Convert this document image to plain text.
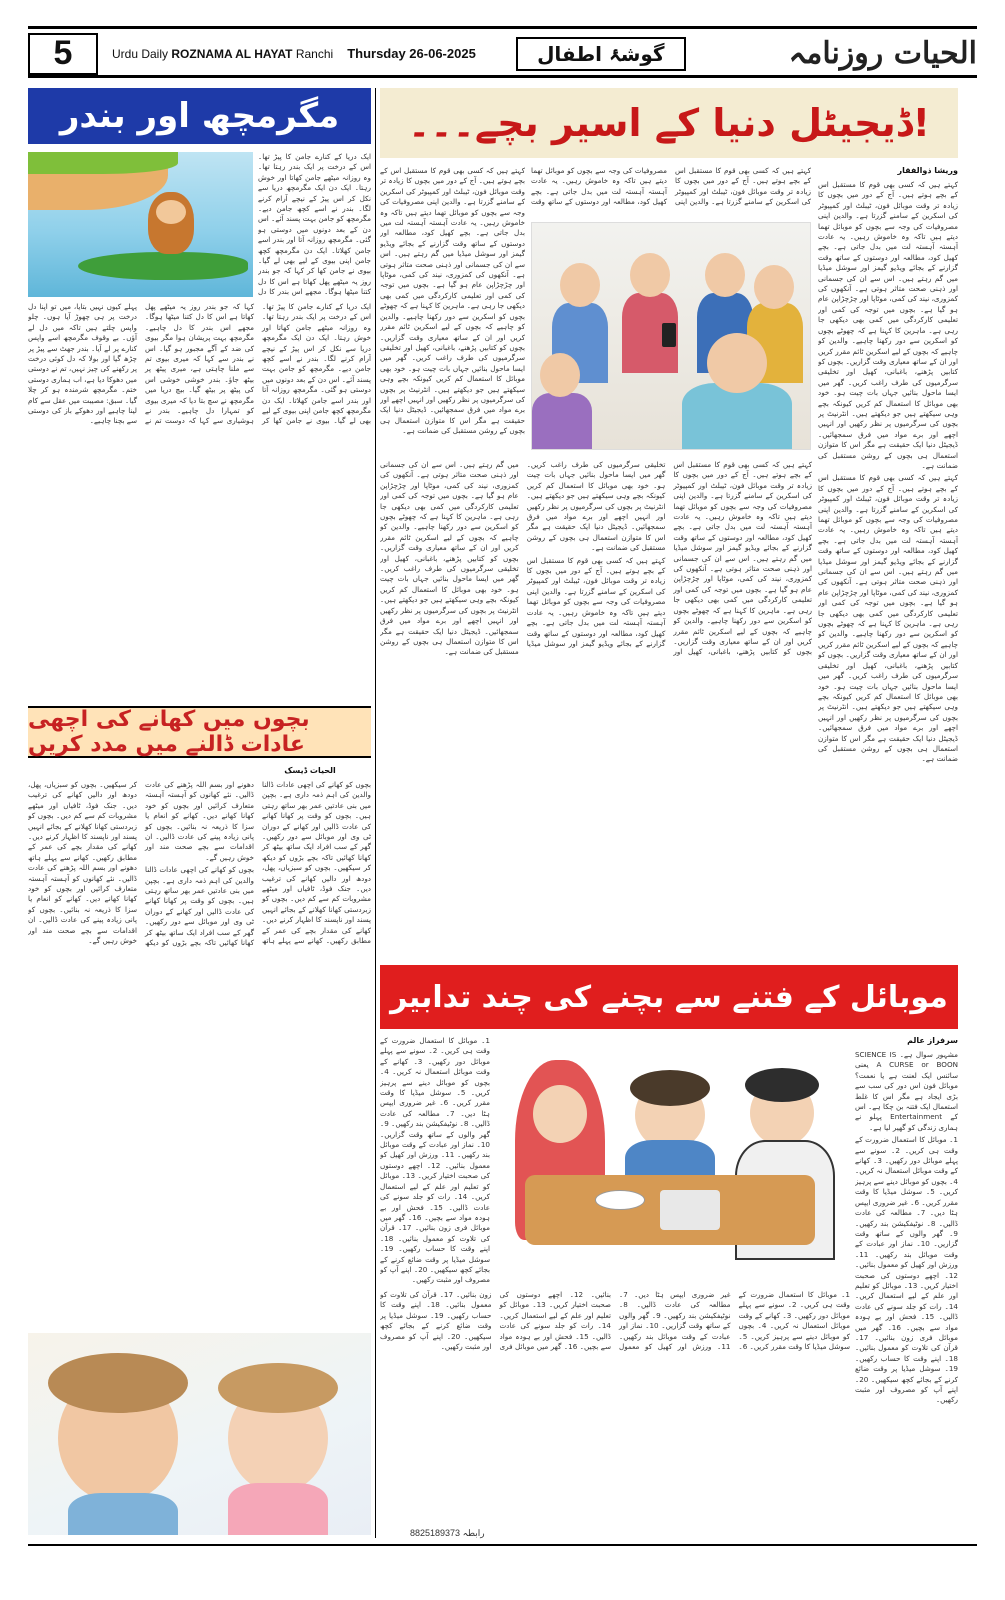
5	Urdu Daily ROZNAMA AL HAYAT Ranchi Thursday 26-06-2025	گوشۂ اطفال	الحیات روزنامہ
مگرمچھ اور بندر

ایک دریا کے کنارے جامن کا پیڑ تھا۔ اس کے درخت پر ایک بندر رہتا تھا۔ وہ روزانہ میٹھے جامن کھاتا اور خوش رہتا۔ ایک دن ایک مگرمچھ دریا سے نکل کر اس پیڑ کے نیچے آرام کرنے لگا۔ بندر نے اسے کچھ جامن دیے۔ مگرمچھ کو جامن بہت پسند آئے۔ اس دن کے بعد دونوں میں دوستی ہو گئی۔ مگرمچھ روزانہ آتا اور بندر اسے جامن کھلاتا۔ ایک دن مگرمچھ کچھ جامن اپنی بیوی کے لیے بھی لے گیا۔ بیوی نے جامن کھا کر کہا کہ جو بندر روز یہ میٹھے پھل کھاتا ہے اس کا دل کتنا میٹھا ہوگا۔ مجھے اس بندر کا دل

ایک دریا کے کنارے جامن کا پیڑ تھا۔ اس کے درخت پر ایک بندر رہتا تھا۔ وہ روزانہ میٹھے جامن کھاتا اور خوش رہتا۔ ایک دن ایک مگرمچھ دریا سے نکل کر اس پیڑ کے نیچے آرام کرنے لگا۔ بندر نے اسے کچھ جامن دیے۔ مگرمچھ کو جامن بہت پسند آئے۔ اس دن کے بعد دونوں میں دوستی ہو گئی۔ مگرمچھ روزانہ آتا اور بندر اسے جامن کھلاتا۔ ایک دن مگرمچھ کچھ جامن اپنی بیوی کے لیے بھی لے گیا۔ بیوی نے جامن کھا کر کہا کہ جو بندر روز یہ میٹھے پھل کھاتا ہے اس کا دل کتنا میٹھا ہوگا۔ مجھے اس بندر کا دل چاہیے۔ مگرمچھ بہت پریشان ہوا مگر بیوی کی ضد کے آگے مجبور ہو گیا۔ اس نے بندر سے کہا کہ میری بیوی تم سے ملنا چاہتی ہے، میری پیٹھ پر بیٹھ جاؤ۔ بندر خوشی خوشی اس کی پیٹھ پر بیٹھ گیا۔ بیچ دریا میں مگرمچھ نے سچ بتا دیا کہ میری بیوی کو تمہارا دل چاہیے۔ بندر نے ہوشیاری سے کہا کہ دوست تم نے پہلے کیوں نہیں بتایا، میں تو اپنا دل درخت پر ہی چھوڑ آیا ہوں۔ چلو واپس چلتے ہیں تاکہ میں دل لے آؤں۔ بے وقوف مگرمچھ اسے واپس کنارے پر لے آیا۔ بندر جھٹ سے پیڑ پر چڑھ گیا اور بولا کہ دل کوئی درخت پر رکھنے کی چیز نہیں، تم نے دوستی میں دھوکا دیا ہے، اب ہماری دوستی ختم۔ مگرمچھ شرمندہ ہو کر چلا گیا۔ سبق: مصیبت میں عقل سے کام لینا چاہیے اور دھوکے باز کی دوستی سے بچنا چاہیے۔

بچوں میں کھانے کی اچھی عادات ڈالنے میں مدد کریں
الحیات ڈیسک

بچوں کو کھانے کی اچھی عادات ڈالنا والدین کی اہم ذمہ داری ہے۔ بچپن میں بنی عادتیں عمر بھر ساتھ رہتی ہیں۔ بچوں کو وقت پر کھانا کھانے کی عادت ڈالیں اور کھانے کے دوران ٹی وی اور موبائل سے دور رکھیں۔ گھر کے سب افراد ایک ساتھ بیٹھ کر کھانا کھائیں تاکہ بچے بڑوں کو دیکھ کر سیکھیں۔ بچوں کو سبزیاں، پھل، دودھ اور دالیں کھانے کی ترغیب دیں۔ جنک فوڈ، ٹافیاں اور میٹھے مشروبات کم سے کم دیں۔ بچوں کو زبردستی کھانا کھلانے کے بجائے انہیں پسند اور ناپسند کا اظہار کرنے دیں۔ کھانے کی مقدار بچے کی عمر کے مطابق رکھیں۔ کھانے سے پہلے ہاتھ دھونے اور بسم اللہ پڑھنے کی عادت ڈالیں۔ نئے کھانوں کو آہستہ آہستہ متعارف کرائیں اور بچوں کو خود کھانا کھانے دیں۔ کھانے کو انعام یا سزا کا ذریعہ نہ بنائیں۔ بچوں کو پانی زیادہ پینے کی عادت ڈالیں۔ ان اقدامات سے بچے صحت مند اور خوش رہیں گے۔

بچوں کو کھانے کی اچھی عادات ڈالنا والدین کی اہم ذمہ داری ہے۔ بچپن میں بنی عادتیں عمر بھر ساتھ رہتی ہیں۔ بچوں کو وقت پر کھانا کھانے کی عادت ڈالیں اور کھانے کے دوران ٹی وی اور موبائل سے دور رکھیں۔ گھر کے سب افراد ایک ساتھ بیٹھ کر کھانا کھائیں تاکہ بچے بڑوں کو دیکھ کر سیکھیں۔ بچوں کو سبزیاں، پھل، دودھ اور دالیں کھانے کی ترغیب دیں۔ جنک فوڈ، ٹافیاں اور میٹھے مشروبات کم سے کم دیں۔ بچوں کو زبردستی کھانا کھلانے کے بجائے انہیں پسند اور ناپسند کا اظہار کرنے دیں۔ کھانے کی مقدار بچے کی عمر کے مطابق رکھیں۔ کھانے سے پہلے ہاتھ دھونے اور بسم اللہ پڑھنے کی عادت ڈالیں۔ نئے کھانوں کو آہستہ آہستہ متعارف کرائیں اور بچوں کو خود کھانا کھانے دیں۔ کھانے کو انعام یا سزا کا ذریعہ نہ بنائیں۔ بچوں کو پانی زیادہ پینے کی عادت ڈالیں۔ ان اقدامات سے بچے صحت مند اور خوش رہیں گے۔

ڈیجیٹل دنیا کے اسیر بچے۔۔۔!
وریشا ذوالفقار

کہتے ہیں کہ کسی بھی قوم کا مستقبل اس کے بچے ہوتے ہیں۔ آج کے دور میں بچوں کا زیادہ تر وقت موبائل فون، ٹیبلٹ اور کمپیوٹر کی اسکرین کے سامنے گزرتا ہے۔ والدین اپنی مصروفیات کی وجہ سے بچوں کو موبائل تھما دیتے ہیں تاکہ وہ خاموش رہیں۔ یہ عادت آہستہ آہستہ لت میں بدل جاتی ہے۔ بچے کھیل کود، مطالعہ اور دوستوں کے ساتھ وقت گزارنے کے بجائے ویڈیو گیمز اور سوشل میڈیا میں گم رہتے ہیں۔ اس سے ان کی جسمانی اور ذہنی صحت متاثر ہوتی ہے۔ آنکھوں کی کمزوری، نیند کی کمی، موٹاپا اور چڑچڑاپن عام ہو گیا ہے۔ بچوں میں توجہ کی کمی اور تعلیمی کارکردگی میں کمی بھی دیکھی جا رہی ہے۔ ماہرین کا کہنا ہے کہ چھوٹے بچوں کو اسکرین سے دور رکھنا چاہیے۔ والدین کو چاہیے کہ بچوں کے لیے اسکرین ٹائم مقرر کریں اور ان کے ساتھ معیاری وقت گزاریں۔ بچوں کو کتابیں پڑھنے، باغبانی، کھیل اور تخلیقی سرگرمیوں کی طرف راغب کریں۔ گھر میں ایسا ماحول بنائیں جہاں بات چیت ہو۔ خود بھی موبائل کا استعمال کم کریں کیونکہ بچے وہی سیکھتے ہیں جو دیکھتے ہیں۔ انٹرنیٹ پر بچوں کی سرگرمیوں پر نظر رکھیں اور انہیں اچھے اور برے مواد میں فرق سمجھائیں۔ ڈیجیٹل دنیا ایک حقیقت ہے مگر اس کا متوازن استعمال ہی بچوں کے روشن مستقبل کی ضمانت ہے۔

کہتے ہیں کہ کسی بھی قوم کا مستقبل اس کے بچے ہوتے ہیں۔ آج کے دور میں بچوں کا زیادہ تر وقت موبائل فون، ٹیبلٹ اور کمپیوٹر کی اسکرین کے سامنے گزرتا ہے۔ والدین اپنی مصروفیات کی وجہ سے بچوں کو موبائل تھما دیتے ہیں تاکہ وہ خاموش رہیں۔ یہ عادت آہستہ آہستہ لت میں بدل جاتی ہے۔ بچے کھیل کود، مطالعہ اور دوستوں کے ساتھ وقت گزارنے کے بجائے ویڈیو گیمز اور سوشل میڈیا میں گم رہتے ہیں۔ اس سے ان کی جسمانی اور ذہنی صحت متاثر ہوتی ہے۔ آنکھوں کی کمزوری، نیند کی کمی، موٹاپا اور چڑچڑاپن عام ہو گیا ہے۔ بچوں میں توجہ کی کمی اور تعلیمی کارکردگی میں کمی بھی دیکھی جا رہی ہے۔ ماہرین کا کہنا ہے کہ چھوٹے بچوں کو اسکرین سے دور رکھنا چاہیے۔ والدین کو چاہیے کہ بچوں کے لیے اسکرین ٹائم مقرر کریں اور ان کے ساتھ معیاری وقت گزاریں۔ بچوں کو کتابیں پڑھنے، باغبانی، کھیل اور تخلیقی سرگرمیوں کی طرف راغب کریں۔ گھر میں ایسا ماحول بنائیں جہاں بات چیت ہو۔ خود بھی موبائل کا استعمال کم کریں کیونکہ بچے وہی سیکھتے ہیں جو دیکھتے ہیں۔ انٹرنیٹ پر بچوں کی سرگرمیوں پر نظر رکھیں اور انہیں اچھے اور برے مواد میں فرق سمجھائیں۔ ڈیجیٹل دنیا ایک حقیقت ہے مگر اس کا متوازن استعمال ہی بچوں کے روشن مستقبل کی ضمانت ہے۔

کہتے ہیں کہ کسی بھی قوم کا مستقبل اس کے بچے ہوتے ہیں۔ آج کے دور میں بچوں کا زیادہ تر وقت موبائل فون، ٹیبلٹ اور کمپیوٹر کی اسکرین کے سامنے گزرتا ہے۔ والدین اپنی مصروفیات کی وجہ سے بچوں کو موبائل تھما دیتے ہیں تاکہ وہ خاموش رہیں۔ یہ عادت آہستہ آہستہ لت میں بدل جاتی ہے۔ بچے کھیل کود، مطالعہ اور دوستوں کے ساتھ وقت

کہتے ہیں کہ کسی بھی قوم کا مستقبل اس کے بچے ہوتے ہیں۔ آج کے دور میں بچوں کا زیادہ تر وقت موبائل فون، ٹیبلٹ اور کمپیوٹر کی اسکرین کے سامنے گزرتا ہے۔ والدین اپنی مصروفیات کی وجہ سے بچوں کو موبائل تھما دیتے ہیں تاکہ وہ خاموش رہیں۔ یہ عادت آہستہ آہستہ لت میں بدل جاتی ہے۔ بچے کھیل کود، مطالعہ اور دوستوں کے ساتھ وقت گزارنے کے بجائے ویڈیو گیمز اور سوشل میڈیا میں گم رہتے ہیں۔ اس سے ان کی جسمانی اور ذہنی صحت متاثر ہوتی ہے۔ آنکھوں کی کمزوری، نیند کی کمی، موٹاپا اور چڑچڑاپن عام ہو گیا ہے۔ بچوں میں توجہ کی کمی اور تعلیمی کارکردگی میں کمی بھی دیکھی جا رہی ہے۔ ماہرین کا کہنا ہے کہ چھوٹے بچوں کو اسکرین سے دور رکھنا چاہیے۔ والدین کو چاہیے کہ بچوں کے لیے اسکرین ٹائم مقرر کریں اور ان کے ساتھ معیاری وقت گزاریں۔ بچوں کو کتابیں پڑھنے، باغبانی، کھیل اور تخلیقی سرگرمیوں کی طرف راغب کریں۔ گھر میں ایسا ماحول بنائیں جہاں بات چیت ہو۔ خود بھی موبائل کا استعمال کم کریں کیونکہ بچے وہی سیکھتے ہیں جو دیکھتے ہیں۔ انٹرنیٹ پر بچوں کی سرگرمیوں پر نظر رکھیں اور انہیں اچھے اور برے مواد میں فرق سمجھائیں۔ ڈیجیٹل دنیا ایک حقیقت ہے مگر اس کا متوازن استعمال ہی بچوں کے روشن مستقبل کی ضمانت ہے۔

کہتے ہیں کہ کسی بھی قوم کا مستقبل اس کے بچے ہوتے ہیں۔ آج کے دور میں بچوں کا زیادہ تر وقت موبائل فون، ٹیبلٹ اور کمپیوٹر کی اسکرین کے سامنے گزرتا ہے۔ والدین اپنی مصروفیات کی وجہ سے بچوں کو موبائل تھما دیتے ہیں تاکہ وہ خاموش رہیں۔ یہ عادت آہستہ آہستہ لت میں بدل جاتی ہے۔ بچے کھیل کود، مطالعہ اور دوستوں کے ساتھ وقت گزارنے کے بجائے ویڈیو گیمز اور سوشل میڈیا میں گم رہتے ہیں۔ اس سے ان کی جسمانی اور ذہنی صحت متاثر ہوتی ہے۔ آنکھوں کی کمزوری، نیند کی کمی، موٹاپا اور چڑچڑاپن عام ہو گیا ہے۔ بچوں میں توجہ کی کمی اور تعلیمی کارکردگی میں کمی بھی دیکھی جا رہی ہے۔ ماہرین کا کہنا ہے کہ چھوٹے بچوں کو اسکرین سے دور رکھنا چاہیے۔ والدین کو چاہیے کہ بچوں کے لیے اسکرین ٹائم مقرر کریں اور ان کے ساتھ معیاری وقت گزاریں۔ بچوں کو کتابیں پڑھنے، باغبانی، کھیل اور تخلیقی سرگرمیوں کی طرف راغب کریں۔ گھر میں ایسا ماحول بنائیں جہاں بات چیت ہو۔ خود بھی موبائل کا استعمال کم کریں کیونکہ بچے وہی سیکھتے ہیں جو دیکھتے ہیں۔ انٹرنیٹ پر بچوں کی سرگرمیوں پر نظر رکھیں اور انہیں اچھے اور برے مواد میں فرق سمجھائیں۔ ڈیجیٹل دنیا ایک حقیقت ہے مگر اس کا متوازن استعمال ہی بچوں کے روشن مستقبل کی ضمانت ہے۔

کہتے ہیں کہ کسی بھی قوم کا مستقبل اس کے بچے ہوتے ہیں۔ آج کے دور میں بچوں کا زیادہ تر وقت موبائل فون، ٹیبلٹ اور کمپیوٹر کی اسکرین کے سامنے گزرتا ہے۔ والدین اپنی مصروفیات کی وجہ سے بچوں کو موبائل تھما دیتے ہیں تاکہ وہ خاموش رہیں۔ یہ عادت آہستہ آہستہ لت میں بدل جاتی ہے۔ بچے کھیل کود، مطالعہ اور دوستوں کے ساتھ وقت گزارنے کے بجائے ویڈیو گیمز اور سوشل میڈیا میں گم رہتے ہیں۔ اس سے ان کی جسمانی اور ذہنی صحت متاثر ہوتی ہے۔ آنکھوں کی کمزوری، نیند کی کمی، موٹاپا اور چڑچڑاپن عام ہو گیا ہے۔ بچوں میں توجہ کی کمی اور تعلیمی کارکردگی میں کمی بھی دیکھی جا رہی ہے۔ ماہرین کا کہنا ہے کہ چھوٹے بچوں کو اسکرین سے دور رکھنا چاہیے۔ والدین کو چاہیے کہ بچوں کے لیے اسکرین ٹائم مقرر کریں اور ان کے ساتھ معیاری وقت گزاریں۔ بچوں کو کتابیں پڑھنے، باغبانی، کھیل اور تخلیقی سرگرمیوں کی طرف راغب کریں۔ گھر میں ایسا ماحول بنائیں جہاں بات چیت ہو۔ خود بھی موبائل کا استعمال کم کریں کیونکہ بچے وہی سیکھتے ہیں جو دیکھتے ہیں۔ انٹرنیٹ پر بچوں کی سرگرمیوں پر نظر رکھیں اور انہیں اچھے اور برے مواد میں فرق سمجھائیں۔ ڈیجیٹل دنیا ایک حقیقت ہے مگر اس کا متوازن استعمال ہی بچوں کے روشن مستقبل کی ضمانت ہے۔

موبائل کے فتنے سے بچنے کی چند تدابیر
سرفراز عالم

مشہور سوال ہے۔ SCIENCE IS A CURSE or BOON یعنی سائنس ایک لعنت ہے یا نعمت؟ موبائل فون اس دور کی سب سے بڑی ایجاد ہے مگر اس کا غلط استعمال ایک فتنہ بن چکا ہے۔ اس کے Entertainment پہلو نے ہماری زندگی کو گھیر لیا ہے۔

1۔ موبائل کا استعمال ضرورت کے وقت ہی کریں۔ 2۔ سونے سے پہلے موبائل دور رکھیں۔ 3۔ کھانے کے وقت موبائل استعمال نہ کریں۔ 4۔ بچوں کو موبائل دینے سے پرہیز کریں۔ 5۔ سوشل میڈیا کا وقت مقرر کریں۔ 6۔ غیر ضروری ایپس ہٹا دیں۔ 7۔ مطالعہ کی عادت ڈالیں۔ 8۔ نوٹیفکیشن بند رکھیں۔ 9۔ گھر والوں کے ساتھ وقت گزاریں۔ 10۔ نماز اور عبادت کے وقت موبائل بند رکھیں۔ 11۔ ورزش اور کھیل کو معمول بنائیں۔ 12۔ اچھے دوستوں کی صحبت اختیار کریں۔ 13۔ موبائل کو تعلیم اور علم کے لیے استعمال کریں۔ 14۔ رات کو جلد سونے کی عادت ڈالیں۔ 15۔ فحش اور بے ہودہ مواد سے بچیں۔ 16۔ گھر میں موبائل فری زون بنائیں۔ 17۔ قرآن کی تلاوت کو معمول بنائیں۔ 18۔ اپنے وقت کا حساب رکھیں۔ 19۔ سوشل میڈیا پر وقت ضائع کرنے کے بجائے کچھ سیکھیں۔ 20۔ اپنے آپ کو مصروف اور مثبت رکھیں۔

1۔ موبائل کا استعمال ضرورت کے وقت ہی کریں۔ 2۔ سونے سے پہلے موبائل دور رکھیں۔ 3۔ کھانے کے وقت موبائل استعمال نہ کریں۔ 4۔ بچوں کو موبائل دینے سے پرہیز کریں۔ 5۔ سوشل میڈیا کا وقت مقرر کریں۔ 6۔ غیر ضروری ایپس ہٹا دیں۔ 7۔ مطالعہ کی عادت ڈالیں۔ 8۔ نوٹیفکیشن بند رکھیں۔ 9۔ گھر والوں کے ساتھ وقت گزاریں۔ 10۔ نماز اور عبادت کے وقت موبائل بند رکھیں۔ 11۔ ورزش اور کھیل کو معمول بنائیں۔ 12۔ اچھے دوستوں کی صحبت اختیار کریں۔ 13۔ موبائل کو تعلیم اور علم کے لیے استعمال کریں۔ 14۔ رات کو جلد سونے کی عادت ڈالیں۔ 15۔ فحش اور بے ہودہ مواد سے بچیں۔ 16۔ گھر میں موبائل فری زون بنائیں۔ 17۔ قرآن کی تلاوت کو معمول بنائیں۔ 18۔ اپنے وقت کا حساب رکھیں۔ 19۔ سوشل میڈیا پر وقت ضائع کرنے کے بجائے کچھ سیکھیں۔ 20۔ اپنے آپ کو مصروف اور مثبت رکھیں۔

1۔ موبائل کا استعمال ضرورت کے وقت ہی کریں۔ 2۔ سونے سے پہلے موبائل دور رکھیں۔ 3۔ کھانے کے وقت موبائل استعمال نہ کریں۔ 4۔ بچوں کو موبائل دینے سے پرہیز کریں۔ 5۔ سوشل میڈیا کا وقت مقرر کریں۔ 6۔ غیر ضروری ایپس ہٹا دیں۔ 7۔ مطالعہ کی عادت ڈالیں۔ 8۔ نوٹیفکیشن بند رکھیں۔ 9۔ گھر والوں کے ساتھ وقت گزاریں۔ 10۔ نماز اور عبادت کے وقت موبائل بند رکھیں۔ 11۔ ورزش اور کھیل کو معمول بنائیں۔ 12۔ اچھے دوستوں کی صحبت اختیار کریں۔ 13۔ موبائل کو تعلیم اور علم کے لیے استعمال کریں۔ 14۔ رات کو جلد سونے کی عادت ڈالیں۔ 15۔ فحش اور بے ہودہ مواد سے بچیں۔ 16۔ گھر میں موبائل فری زون بنائیں۔ 17۔ قرآن کی تلاوت کو معمول بنائیں۔ 18۔ اپنے وقت کا حساب رکھیں۔ 19۔ سوشل میڈیا پر وقت ضائع کرنے کے بجائے کچھ سیکھیں۔ 20۔ اپنے آپ کو مصروف اور مثبت رکھیں۔

رابطہ 8825189373
